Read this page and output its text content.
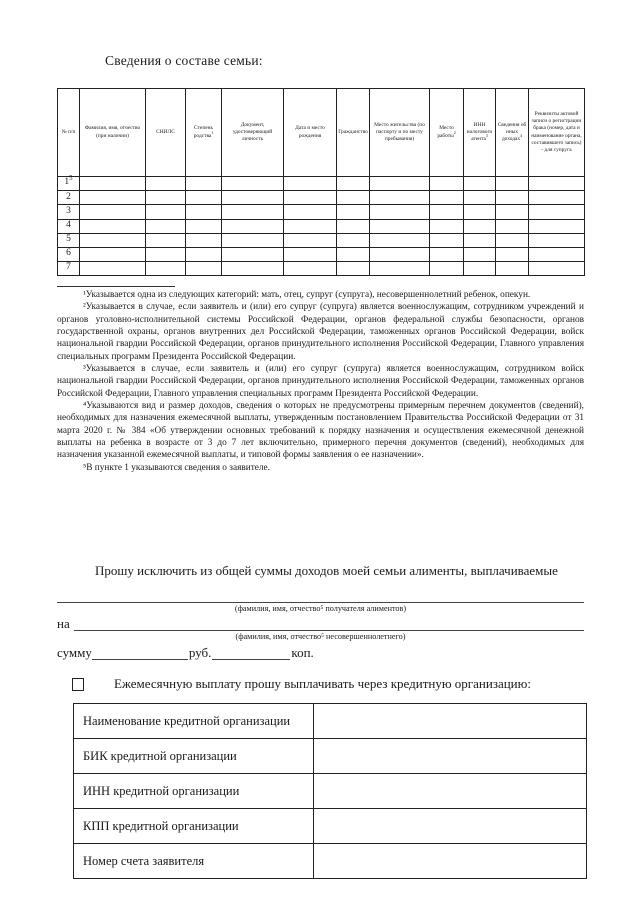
Сведения о составе семьи:
№ п/п	Фамилия, имя, отчество (при наличии)	СНИЛС	Степень родства$^1$	Документ, удостоверяющий личность	Дата и место рождения	Гражданство	Место жительства (по паспорту и по месту пребывания)	Место работы$^2$	ИНН налогового агента$^3$	Сведения об иных доходах$^4$	Реквизиты актовой записи о регистрации брака (номер, дата и наименование органа, составившего запись) - для супруга
$1^5$											
2											
3											
4											
5											
6											
7											

¹Указывается одна из следующих категорий: мать, отец, супруг (супруга), несовершеннолетний ребенок, опекун.

²Указывается в случае, если заявитель и (или) его супруг (супруга) является военнослужащим, сотрудником учреждений и органов уголовно-исполнительной системы Российской Федерации, органов федеральной службы безопасности, органов государственной охраны, органов внутренних дел Российской Федерации, таможенных органов Российской Федерации, войск национальной гвардии Российской Федерации, органов принудительного исполнения Российской Федерации, Главного управления специальных программ Президента Российской Федерации.

³Указывается в случае, если заявитель и (или) его супруг (супруга) является военнослужащим, сотрудником войск национальной гвардии Российской Федерации, органов принудительного исполнения Российской Федерации, таможенных органов Российской Федерации, Главного управления специальных программ Президента Российской Федерации.

⁴Указываются вид и размер доходов, сведения о которых не предусмотрены примерным перечнем документов (сведений), необходимых для назначения ежемесячной выплаты, утвержденным постановлением Правительства Российской Федерации от 31 марта 2020 г. № 384 «Об утверждении основных требований к порядку назначения и осуществления ежемесячной денежной выплаты на ребенка в возрасте от 3 до 7 лет включительно, примерного перечня документов (сведений), необходимых для назначения указанной ежемесячной выплаты, и типовой формы заявления о ее назначении».

⁵В пункте 1 указываются сведения о заявителе.

Прошу исключить из общей суммы доходов моей семьи алименты, выплачиваемые
(фамилия, имя, отчество⁵ получателя алиментов)
на
(фамилия, имя, отчество⁵ несовершеннолетнего)
сумму	руб.	коп.
Ежемесячную выплату прошу выплачивать через кредитную организацию:
Наименование кредитной организации	
БИК кредитной организации	
ИНН кредитной организации	
КПП кредитной организации	
Номер счета заявителя	
